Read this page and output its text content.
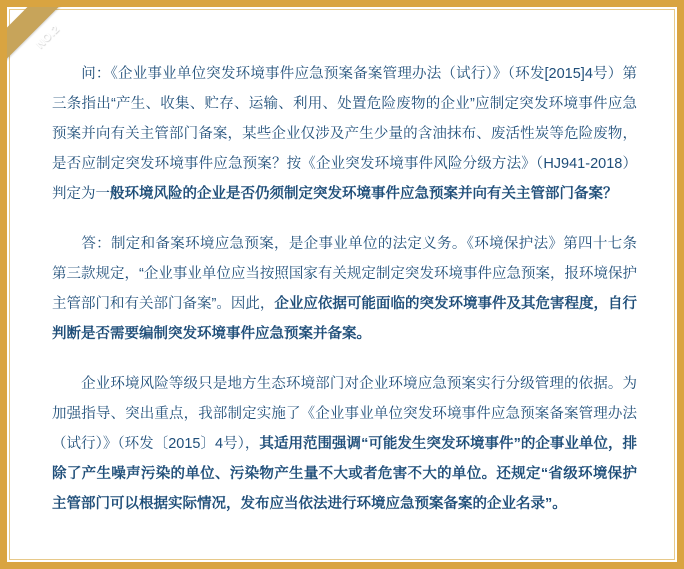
NO.2

问：《企业事业单位突发环境事件应急预案备案管理办法（试行）》（环发[2015]4号）第三条指出“产生、收集、贮存、运输、利用、处置危险废物的企业”应制定突发环境事件应急预案并向有关主管部门备案，某些企业仅涉及产生少量的含油抹布、废活性炭等危险废物，是否应制定突发环境事件应急预案？按《企业突发环境事件风险分级方法》（HJ941-2018）判定为一般环境风险的企业是否仍须制定突发环境事件应急预案并向有关主管部门备案？

答：制定和备案环境应急预案，是企事业单位的法定义务。《环境保护法》第四十七条第三款规定，“企业事业单位应当按照国家有关规定制定突发环境事件应急预案，报环境保护主管部门和有关部门备案”。因此，企业应依据可能面临的突发环境事件及其危害程度，自行判断是否需要编制突发环境事件应急预案并备案。

企业环境风险等级只是地方生态环境部门对企业环境应急预案实行分级管理的依据。为加强指导、突出重点，我部制定实施了《企业事业单位突发环境事件应急预案备案管理办法（试行）》（环发〔2015〕4号），其适用范围强调“可能发生突发环境事件”的企事业单位，排除了产生噪声污染的单位、污染物产生量不大或者危害不大的单位。还规定“省级环境保护主管部门可以根据实际情况，发布应当依法进行环境应急预案备案的企业名录”。
